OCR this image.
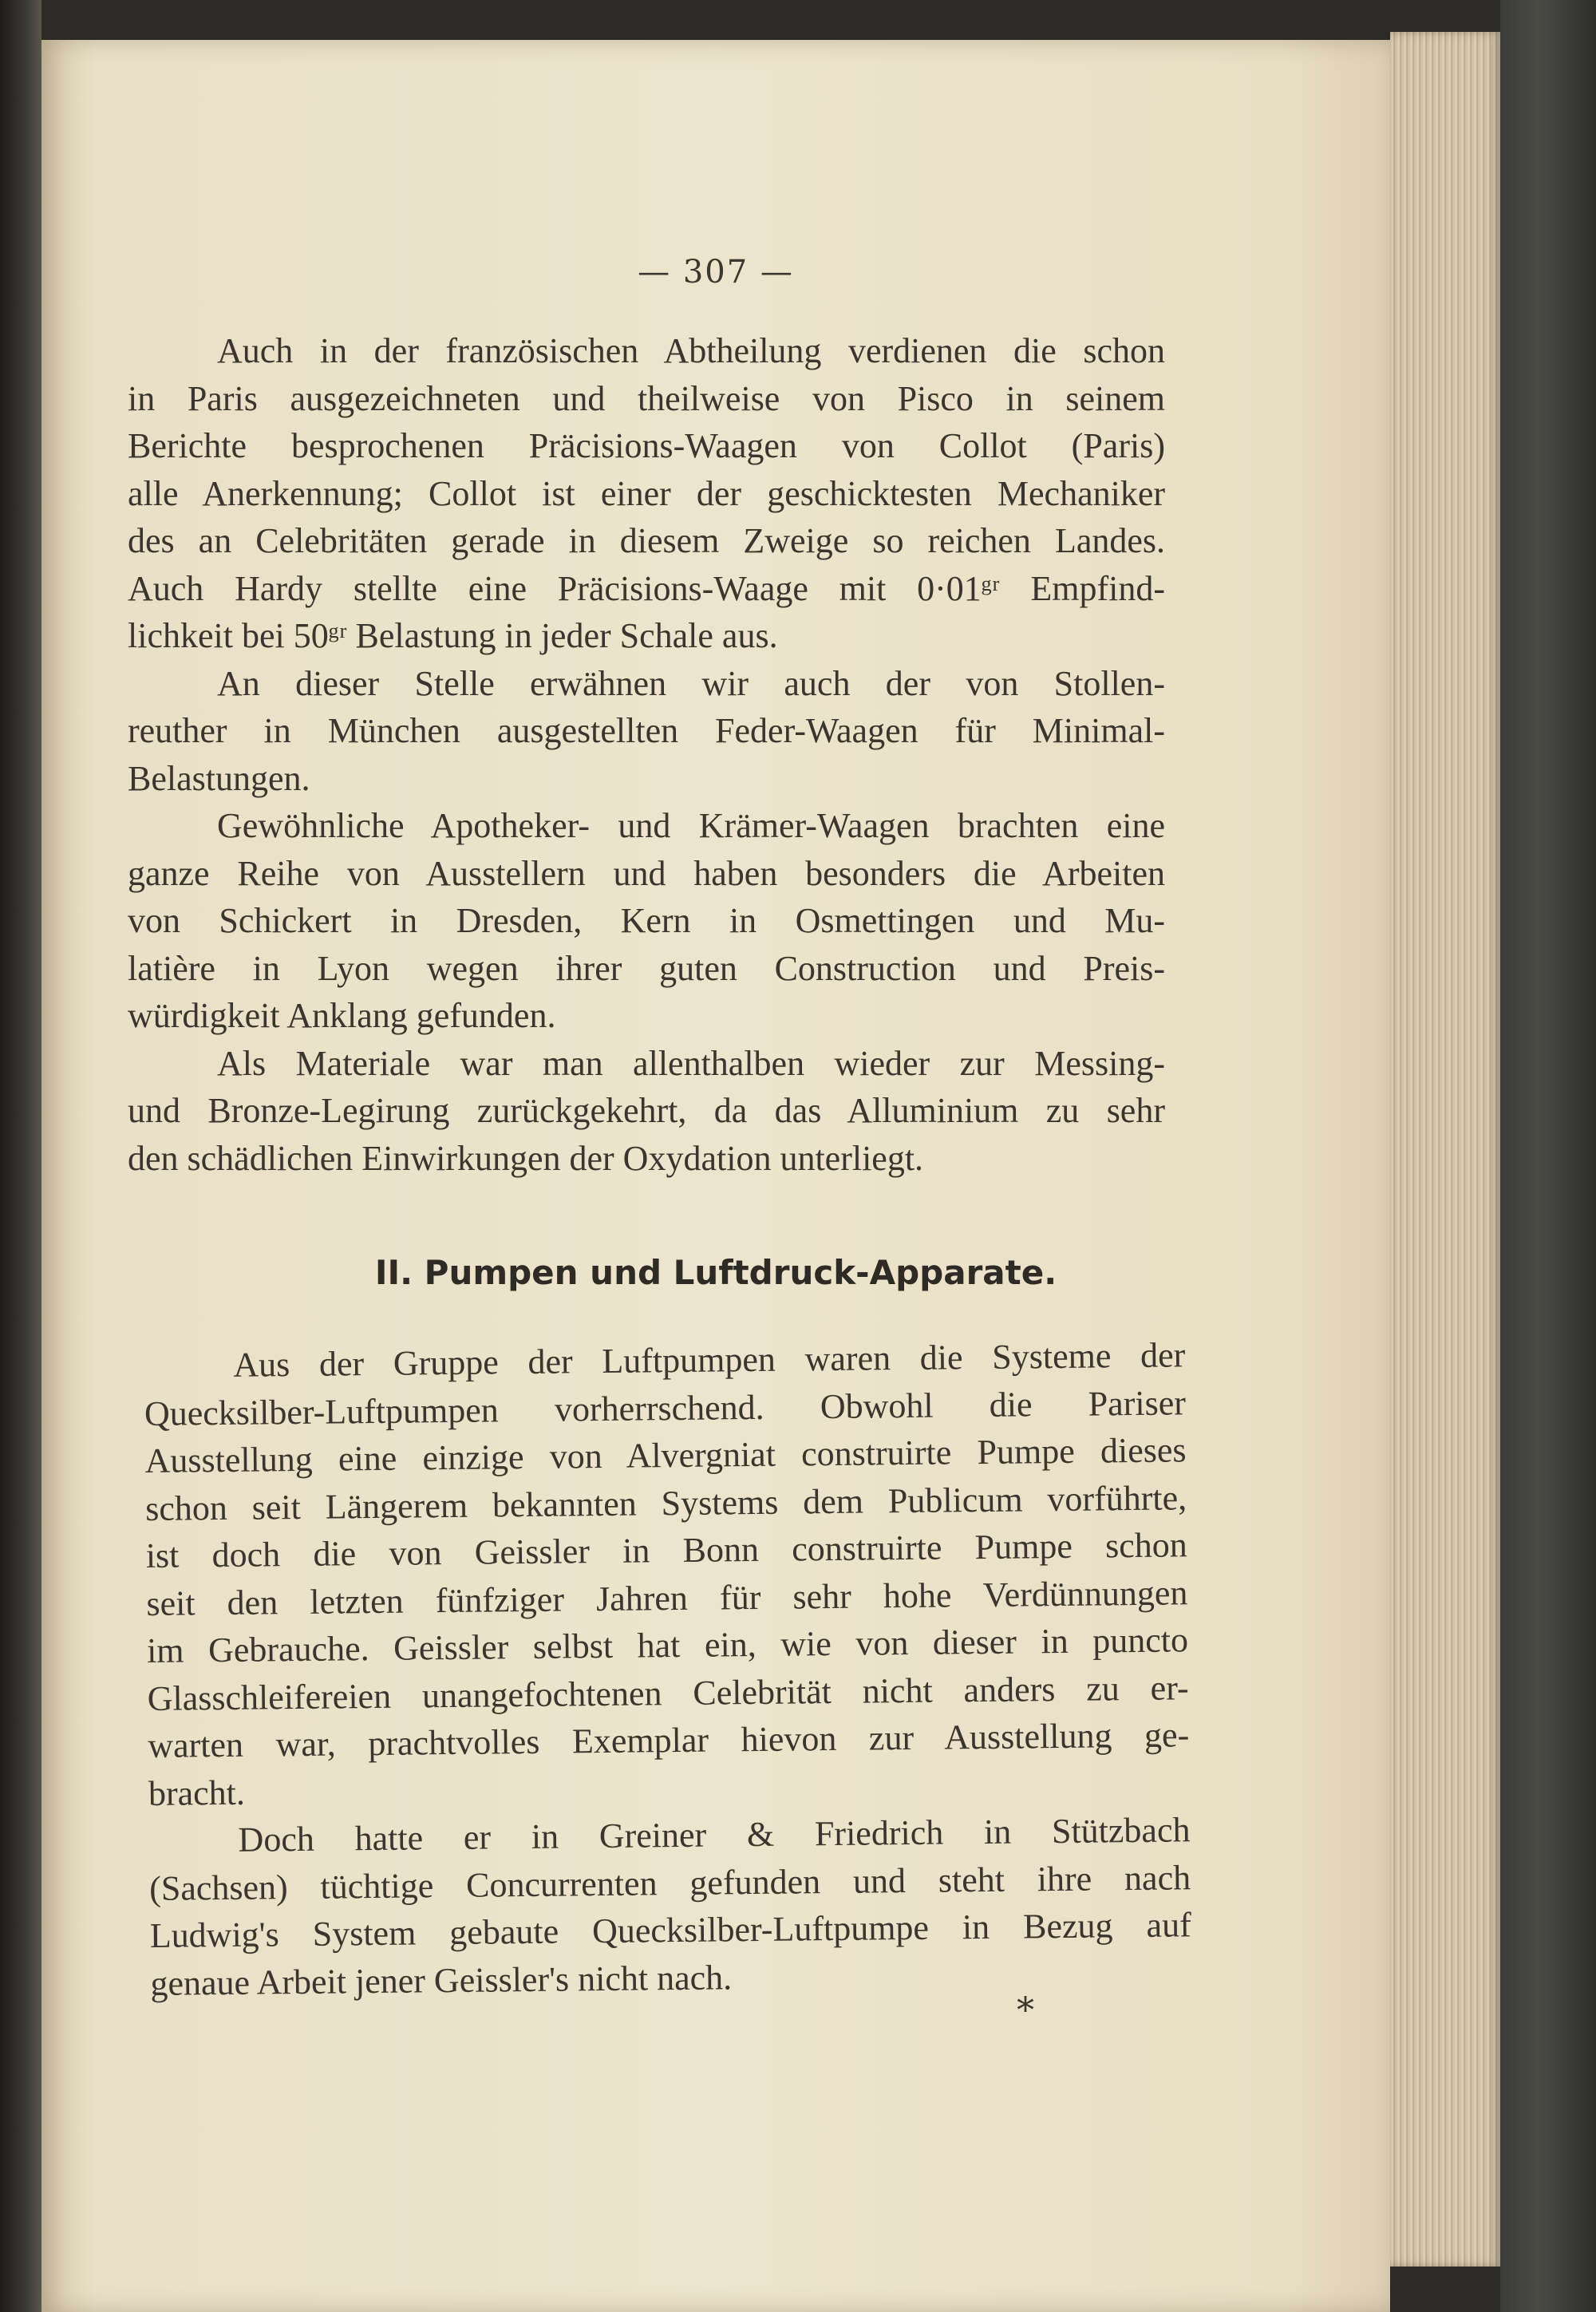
— 307 —
Auch in der französischen Abtheilung verdienen die schon
in Paris ausgezeichneten und theilweise von Pisco in seinem
Berichte besprochenen Präcisions-Waagen von Collot (Paris)
alle Anerkennung; Collot ist einer der geschicktesten Mechaniker
des an Celebritäten gerade in diesem Zweige so reichen Landes.
Auch Hardy stellte eine Präcisions-Waage mit 0·01ᵍʳ Empfind-
lichkeit bei 50ᵍʳ Belastung in jeder Schale aus.
An dieser Stelle erwähnen wir auch der von Stollen-
reuther in München ausgestellten Feder-Waagen für Minimal-
Belastungen.
Gewöhnliche Apotheker- und Krämer-Waagen brachten eine
ganze Reihe von Ausstellern und haben besonders die Arbeiten
von Schickert in Dresden, Kern in Osmettingen und Mu-
latière in Lyon wegen ihrer guten Construction und Preis-
würdigkeit Anklang gefunden.
Als Materiale war man allenthalben wieder zur Messing-
und Bronze-Legirung zurückgekehrt, da das Alluminium zu sehr
den schädlichen Einwirkungen der Oxydation unterliegt.
II. Pumpen und Luftdruck-Apparate.
Aus der Gruppe der Luftpumpen waren die Systeme der
Quecksilber-Luftpumpen vorherrschend. Obwohl die Pariser
Ausstellung eine einzige von Alvergniat construirte Pumpe dieses
schon seit Längerem bekannten Systems dem Publicum vorführte,
ist doch die von Geissler in Bonn construirte Pumpe schon
seit den letzten fünfziger Jahren für sehr hohe Verdünnungen
im Gebrauche. Geissler selbst hat ein, wie von dieser in puncto
Glasschleifereien unangefochtenen Celebrität nicht anders zu er-
warten war, prachtvolles Exemplar hievon zur Ausstellung ge-
bracht.
Doch hatte er in Greiner & Friedrich in Stützbach
(Sachsen) tüchtige Concurrenten gefunden und steht ihre nach
Ludwig's System gebaute Quecksilber-Luftpumpe in Bezug auf
genaue Arbeit jener Geissler's nicht nach.
*
